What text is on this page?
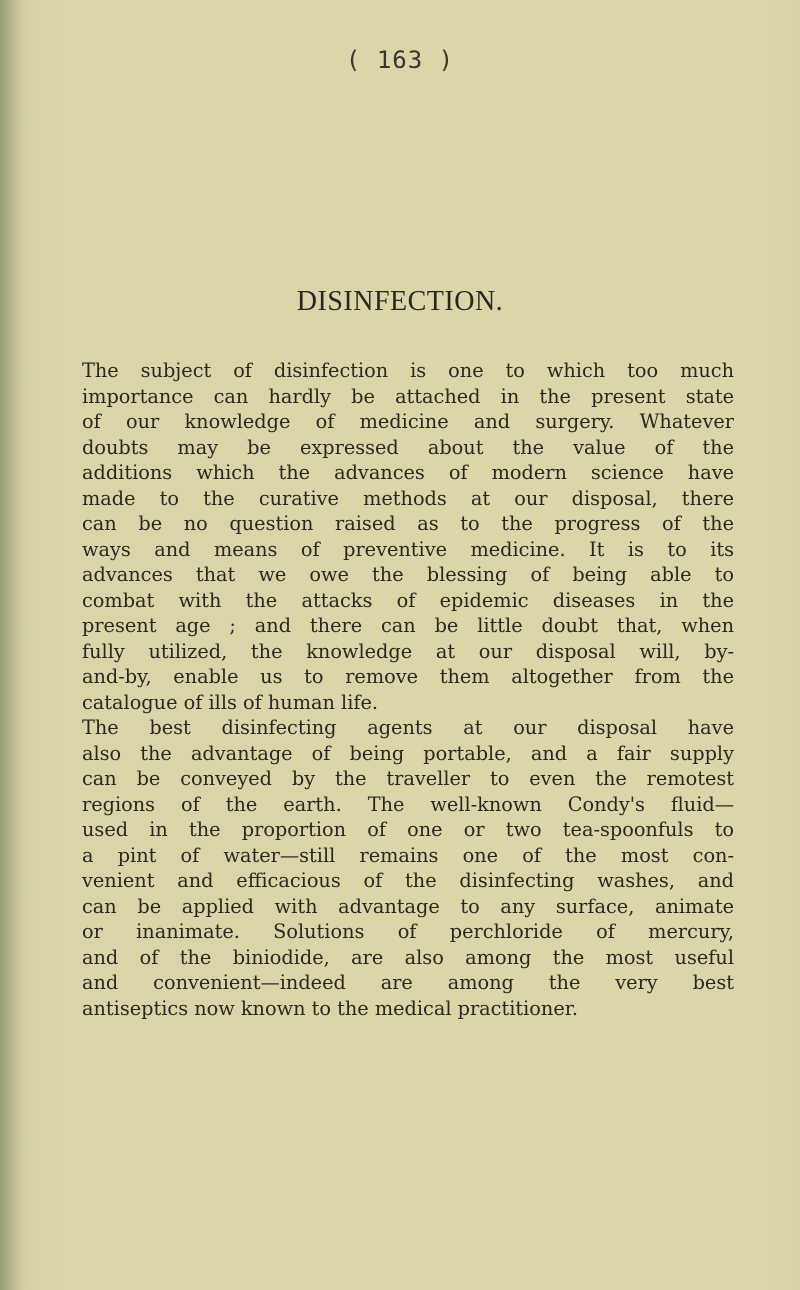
( 163 )
DISINFECTION.
The subject of disinfection is one to which too much
importance can hardly be attached in the present state
of our knowledge of medicine and surgery. Whatever
doubts may be expressed about the value of the
additions which the advances of modern science have
made to the curative methods at our disposal, there
can be no question raised as to the progress of the
ways and means of preventive medicine. It is to its
advances that we owe the blessing of being able to
combat with the attacks of epidemic diseases in the
present age ; and there can be little doubt that, when
fully utilized, the knowledge at our disposal will, by-
and-by, enable us to remove them altogether from the
catalogue of ills of human life.
The best disinfecting agents at our disposal have
also the advantage of being portable, and a fair supply
can be conveyed by the traveller to even the remotest
regions of the earth. The well-known Condy's fluid—
used in the proportion of one or two tea-spoonfuls to
a pint of water—still remains one of the most con-
venient and efficacious of the disinfecting washes, and
can be applied with advantage to any surface, animate
or inanimate. Solutions of perchloride of mercury,
and of the biniodide, are also among the most useful
and convenient—indeed are among the very best
antiseptics now known to the medical practitioner.
